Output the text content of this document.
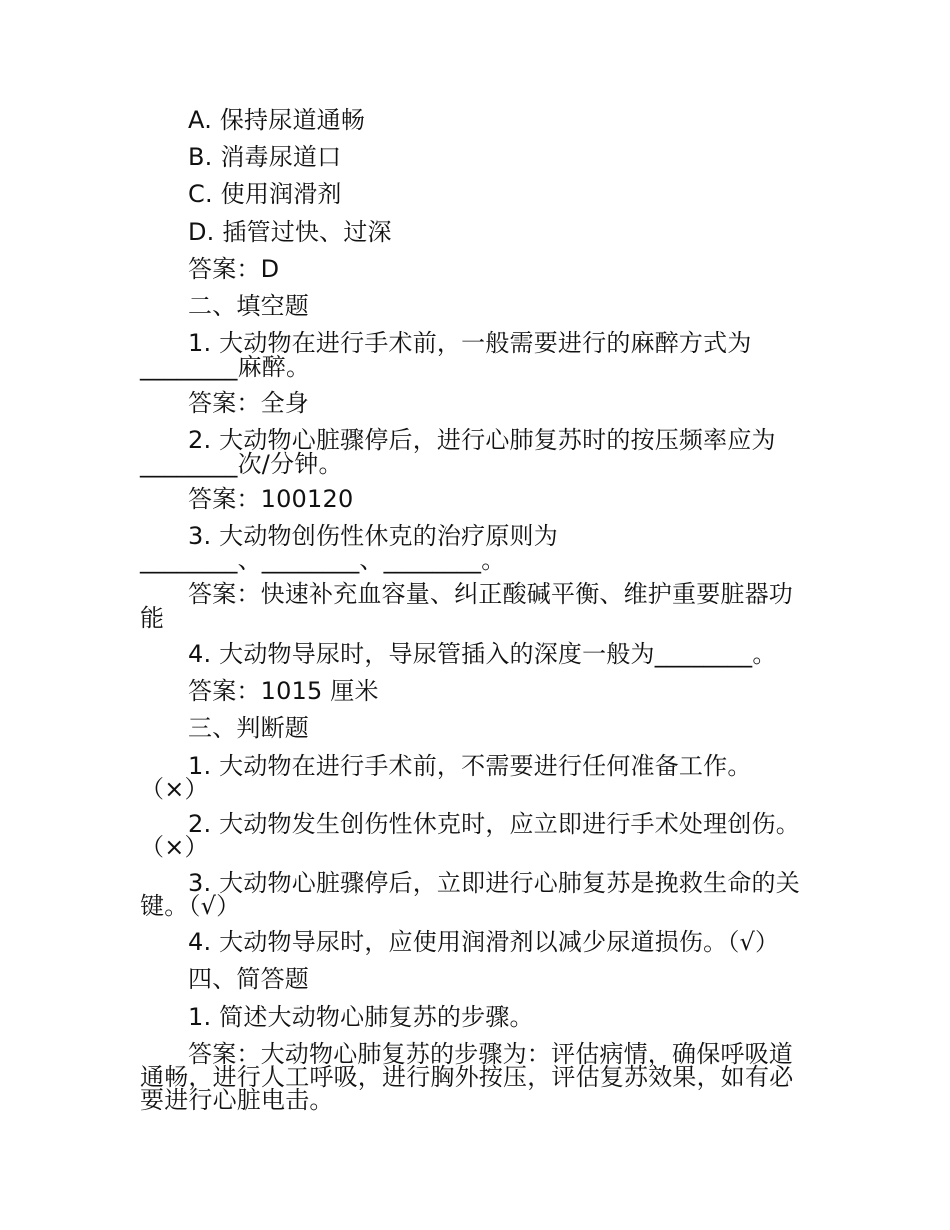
A. 保持尿道通畅
B. 消毒尿道口
C. 使用润滑剂
D. 插管过快、过深
答案：D
二、填空题
1. 大动物在进行手术前，一般需要进行的麻醉方式为
________麻醉。
答案：全身
2. 大动物心脏骤停后，进行心肺复苏时的按压频率应为
________次/分钟。
答案：100120
3. 大动物创伤性休克的治疗原则为
________、________、________。
答案：快速补充血容量、纠正酸碱平衡、维护重要脏器功
能
4. 大动物导尿时，导尿管插入的深度一般为________。
答案：1015 厘米
三、判断题
1. 大动物在进行手术前，不需要进行任何准备工作。
（×）
2. 大动物发生创伤性休克时，应立即进行手术处理创伤。
（×）
3. 大动物心脏骤停后，立即进行心肺复苏是挽救生命的关
键。（√）
4. 大动物导尿时，应使用润滑剂以减少尿道损伤。（√）
四、简答题
1. 简述大动物心肺复苏的步骤。
答案：大动物心肺复苏的步骤为：评估病情，确保呼吸道
通畅，进行人工呼吸，进行胸外按压，评估复苏效果，如有必
要进行心脏电击。
